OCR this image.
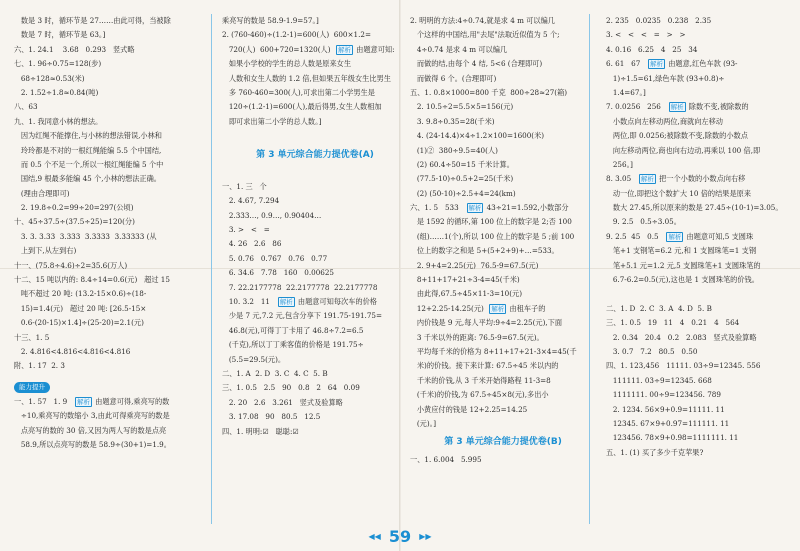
数是 3 时，循环节是 27……由此可得，当被除
数是 7 时，循环节是 63。]
六、1. 24.1    3.68   0.293   竖式略
七、1. 96÷0.75=128(步)
68÷128≈0.53(米)
2. 1.52÷1.8≈0.84(吨)
八、63
九、1. 我同意小林的想法。
因为红绳不能撑住,与小林的想法错误,小林和
玲玲都是不对的一根红绳能编 5.5 个中国结,
而 0.5 个不足一个,所以一根红绳能编 5 个中
国结,9 根最多能编 45 个,小林的想法正确。
(理由合理即可)
2. 19.8÷0.2=99÷20=297(公顷)
十、45÷37.5÷(37.5÷25)=120(分)
3. 3. 3.33  3.333  3.3333  3.33333 (从
上到下,从左到右)
十一、(75.8÷4.6)÷2=35.6(万人)
十二、15 吨以内的: 8.4÷14=0.6(元)   超过 15
吨不超过 20 吨: (13.2-15×0.6)÷(18-
15)=1.4(元)   超过 20 吨: [26.5-15×
0.6-(20-15)×1.4]÷(25-20)=2.1(元)
十三、1. 5
2. 4.816<4.816<4.816<4.816
附、1. 17  2. 3
能力提升
一、1. 57   1. 9   解析 由题意可得,乘亮写的数
÷10,乘亮写的数缩小 3,由此可得乘亮写的数是
点亮写的数的 30 倍,又因为两人写的数是点亮
58.9,所以点亮写的数是 58.9÷(30+1)=1.9。
乘亮写的数是 58.9-1.9=57。]
2. (760-460)÷(1.2-1)=600(人)  600×1.2=
720(人)  600+720=1320(人)  解析 由题意可知:
如果小学校的学生的总人数是原来女生
人数和女生人数的 1.2 倍,但如果五年级女生比男生
多 760-460=300(人),可求出第二小学男生是
120÷(1.2-1)=600(人),最后得男,女生人数相加
即可求出第二小学的总人数。]
第 3 单元综合能力提优卷(A)
一、1. 三   个
2. 4.67, 7.294
2.333…, 0.9…, 0.90404…
3. >   <   =
4. 26   2.6   86
5. 0.76   0.767   0.76   0.77
6. 34.6   7.78   160   0.00625
7. 22.2177778  22.2177778  22.2177778
10. 3.2   11   解析 由题意可知每次车的价格
少是 7 元,7.2 元,包含分享下 191.75-191.75=
46.8(元),可得丁丁卡用了 46.8÷7.2=6.5
(千克),所以丁丁乘客值的价格是 191.75÷
(5.5=29.5(元)。
二、1. A  2. D  3. C  4. C  5. B
三、1. 0.5   2.5   90   0.8   2   64   0.09
2. 20   2.6   3.261   竖式及验算略
3. 17.08   90   80.5   12.5
四、1. 明明:☑   聪聪:☑
2. 明明的方法:4÷0.74,就是求 4 m 可以编几
个这样的中国结,用"去尾"法取近似值为 5 个;
4÷0.74 是求 4 m 可以编几
而做的结,由每个 4 结, 5<6 (合理即可)
而做得 6 个。(合理即可)
五、1. 0.8×1000=800 千克  800÷28≈27(箱)
2. 10.5÷2=5.5×5=156(元)
3. 9.8÷0.35=28(千米)
4. (24-14.4)×4÷1.2×100=1600(米)
(1)②  380÷9.5=40(人)
(2) 60.4÷50=15 千米计算。
(77.5-10)÷0.5+2=25(千米)
(2) (50-10)÷2.5+4=24(km)
六、1. 5   533   解析 43÷21=1.592,小数部分
是 1592 的循环,第 100 位上的数字是 2;否 100
(组)……1(个),所以 100 位上的数字是 5 ;前 100
位上的数字之和是 5+(5+2+9)+…=533。
2. 9+4=2.25(元)  76.5-9=67.5(元)
8+11+17+21÷3-4=45(千米)
由此得,67.5÷45×11-3=10(元)
12+2.25-14.25(元)  解析 由租车子的
内价钱是 9 元,每人平均:9÷4=2.25(元),下面
3 千米以外的距离: 76.5-9=67.5(元)。
平均每千米的价格为 8+11+17+21-3×4=45(千
米)的价钱。接下来计算: 67.5÷45 米以内的
千米的价钱,从 3 千米开始得路程 11-3=8
(千米)的价钱,为 67.5÷45×8(元),多出小
小黄应付的钱是 12+2.25=14.25
(元)。]
第 3 单元综合能力提优卷(B)
一、1. 6.004   5.995
2. 235   0.0235   0.238   2.35
3. <   <   <   =   >   >
4. 0.16   6.25   4   25   34
6. 61   67   解析 由题意,红色车款 (93-
1)÷1.5=61,绿色车款 (93+0.8)÷
1.4=67。]
7. 0.0256   256   解析 除数不变,被除数的
小数点向左移动两位,商就向左移动
两位,即 0.0256;被除数不变,除数的小数点
向左移动两位,商也向右边动,再乘以 100 倍,即
256。]
8. 3.05   解析 把一个小数的小数点向右移
动一位,即把这个数扩大 10 倍的结果是原来
数大 27.45,所以原来的数是 27.45÷(10-1)=3.05。
9. 2.5   0.5÷3.05。
9. 2.5  45   0.5   解析 由题意可知,5 支圆珠
笔+1 支钢笔=6.2 元,和 1 支圆珠笔=1 支钢
笔+5.1 元=1.2 元,5 支圆珠笔+1 支圆珠笔的
6.7-6.2=0.5(元),这也是 1 支圆珠笔的价钱。

二、1. D  2. C  3. A  4. D  5. B
三、1. 0.5   19   11   4   0.21   4   564
2. 0.34   20.4   0.2   2.083   竖式及验算略
3. 0.7   7.2   80.5   0.50
四、1. 123,456   11111. 03÷9=12345. 556
111111. 03÷9=12345. 668
1111111. 00÷9=123456. 789
2. 1234. 56×9+0.9=11111. 11
12345. 67×9+0.97=111111. 11
123456. 78×9+0.98=1111111. 11
五、1. (1) 买了多少千克苹果?
◀◀ 59 ▶▶
